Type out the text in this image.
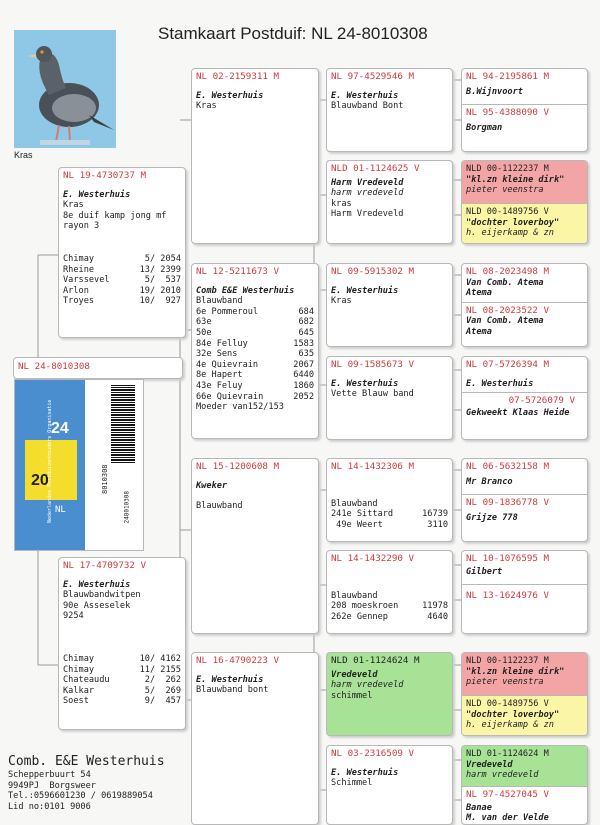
Stamkaart Postduif: NL 24-8010308
Kras
NL 24-8010308
20
24
NL
Nederlandse Postduivenhouders Organisatie	EIGENDOMSBEWIJS KNPV 8010308
248010308
NL 19-4730737 M
E. Westerhuis
Kras
8e duif kamp jong mf
rayon 3
Chimay	5/ 2054
Rheine	13/ 2399
Varssevel	5/  537
Arlon	19/ 2010
Troyes	10/  927
NL 17-4709732 V
E. Westerhuis
Blauwbandwitpen
90e Asseselek
9254
Chimay	10/ 4162
Chimay	11/ 2155
Chateaudu	2/  262
Kalkar	5/  269
Soest	9/  457
NL 02-2159311 M
E. Westerhuis
Kras
NL 12-5211673 V
Comb E&E Westerhuis
Blauwband
6e Pommeroul	684
63e	682
50e	645
84e Felluy	1583
32e Sens	635
4e Quievrain	2067
8e Hapert	6440
43e Feluy	1860
66e Quievrain	2052
Moeder van152/153
NL 15-1200608 M
Kweker
Blauwband
NL 16-4790223 V
E. Westerhuis
Blauwband bont
NL 97-4529546 M
E. Westerhuis
Blauwband Bont
NLD 01-1124625 V
Harm Vredeveld
harm vredeveld
kras
Harm Vredeveld
NL 09-5915302 M
E. Westerhuis
Kras
NL 09-1585673 V
E. Westerhuis
Vette Blauw band
NL 14-1432306 M
Blauwband
241e Sittard	16739
49e Weert	3110
NL 14-1432290 V
Blauwband
208 moeskroen	11978
262e Gennep	4640
NLD 01-1124624 M
Vredeveld
harm vredeveld
schimmel
NL 03-2316509 V
E. Westerhuis
Schimmel
NL 94-2195861 M
B.Wijnvoort
NL 95-4388090 V
Borgman
NLD 00-1122237 M
"kl.zn kleine dirk"
pieter veenstra
NLD 00-1489756 V
"dochter loverboy"
h. eijerkamp & zn
NL 08-2023498 M
Van Comb. Atema
Atema
NL 08-2023522 V
Van Comb. Atema
Atema
NL 07-5726394 M
E. Westerhuis
07-5726079 V
Gekweekt Klaas Heide
NL 06-5632158 M
Mr Branco
NL 09-1836778 V
Grijze 778
NL 10-1076595 M
Gilbert
NL 13-1624976 V
NLD 00-1122237 M
"kl.zn kleine dirk"
pieter veenstra
NLD 00-1489756 V
"dochter loverboy"
h. eijerkamp & zn
NLD 01-1124624 M
Vredeveld
harm vredeveld
NL 97-4527045 V
Banae
M. van der Velde
Comb. E&E Westerhuis
Schepperbuurt 54
9949PJ  Borgsweer
Tel.:0596601230 / 0619889054
Lid no:0101 9006
